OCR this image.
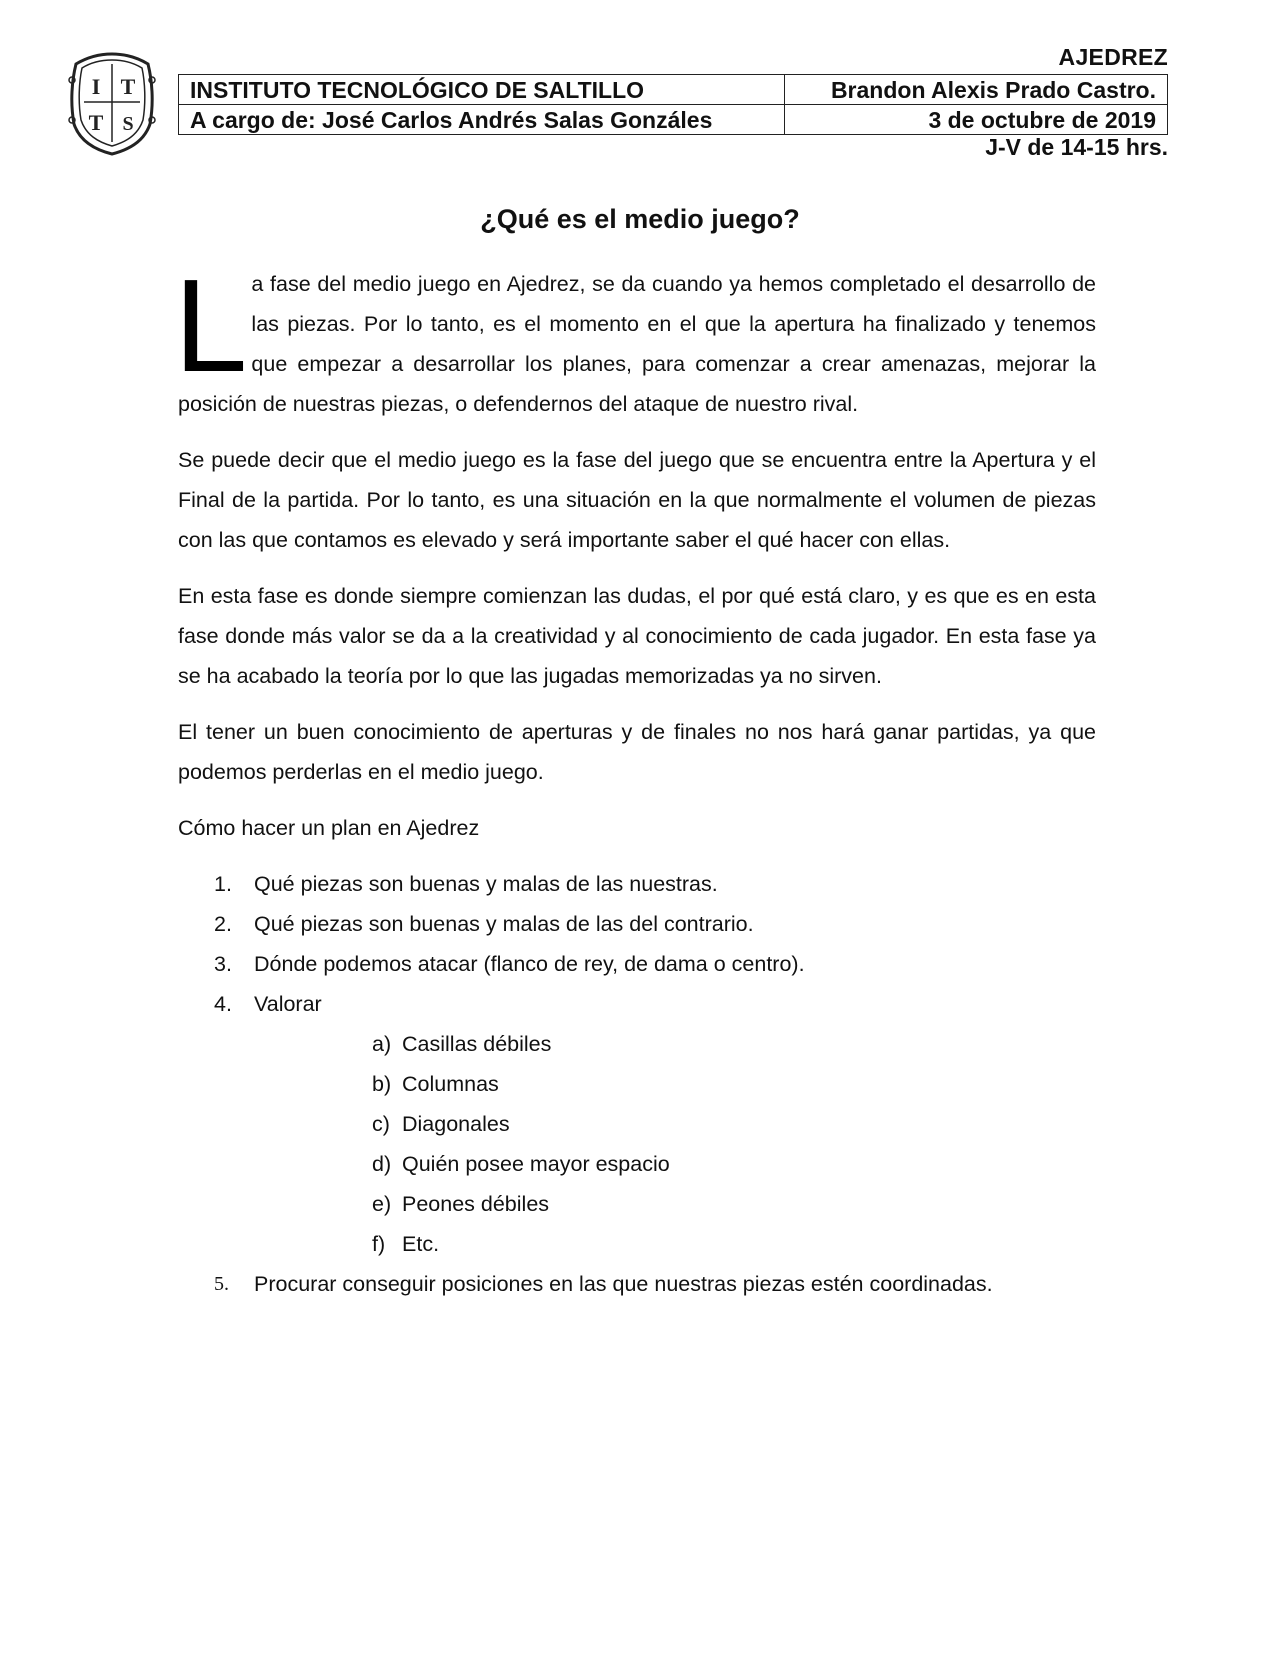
I T
T S
AJEDREZ
INSTITUTO TECNOLÓGICO DE SALTILLO	Brandon Alexis Prado Castro.
A cargo de: José Carlos Andrés Salas Gonzáles	3 de octubre de 2019
J-V de 14-15 hrs.
¿Qué es el medio juego?

La fase del medio juego en Ajedrez, se da cuando ya hemos completado el desarrollo de las piezas. Por lo tanto, es el momento en el que la apertura ha finalizado y tenemos que empezar a desarrollar los planes, para comenzar a crear amenazas, mejorar la posición de nuestras piezas, o defendernos del ataque de nuestro rival.

Se puede decir que el medio juego es la fase del juego que se encuentra entre la Apertura y el Final de la partida. Por lo tanto, es una situación en la que normalmente el volumen de piezas con las que contamos es elevado y será importante saber el qué hacer con ellas.

En esta fase es donde siempre comienzan las dudas, el por qué está claro, y es que es en esta fase donde más valor se da a la creatividad y al conocimiento de cada jugador. En esta fase ya se ha acabado la teoría por lo que las jugadas memorizadas ya no sirven.

El tener un buen conocimiento de aperturas y de finales no nos hará ganar partidas, ya que podemos perderlas en el medio juego.

Cómo hacer un plan en Ajedrez

1. Qué piezas son buenas y malas de las nuestras.
2. Qué piezas son buenas y malas de las del contrario.
3. Dónde podemos atacar (flanco de rey, de dama o centro).
4. Valorar
a) Casillas débiles
b) Columnas
c) Diagonales
d) Quién posee mayor espacio
e) Peones débiles
f) Etc.
5. Procurar conseguir posiciones en las que nuestras piezas estén coordinadas.
